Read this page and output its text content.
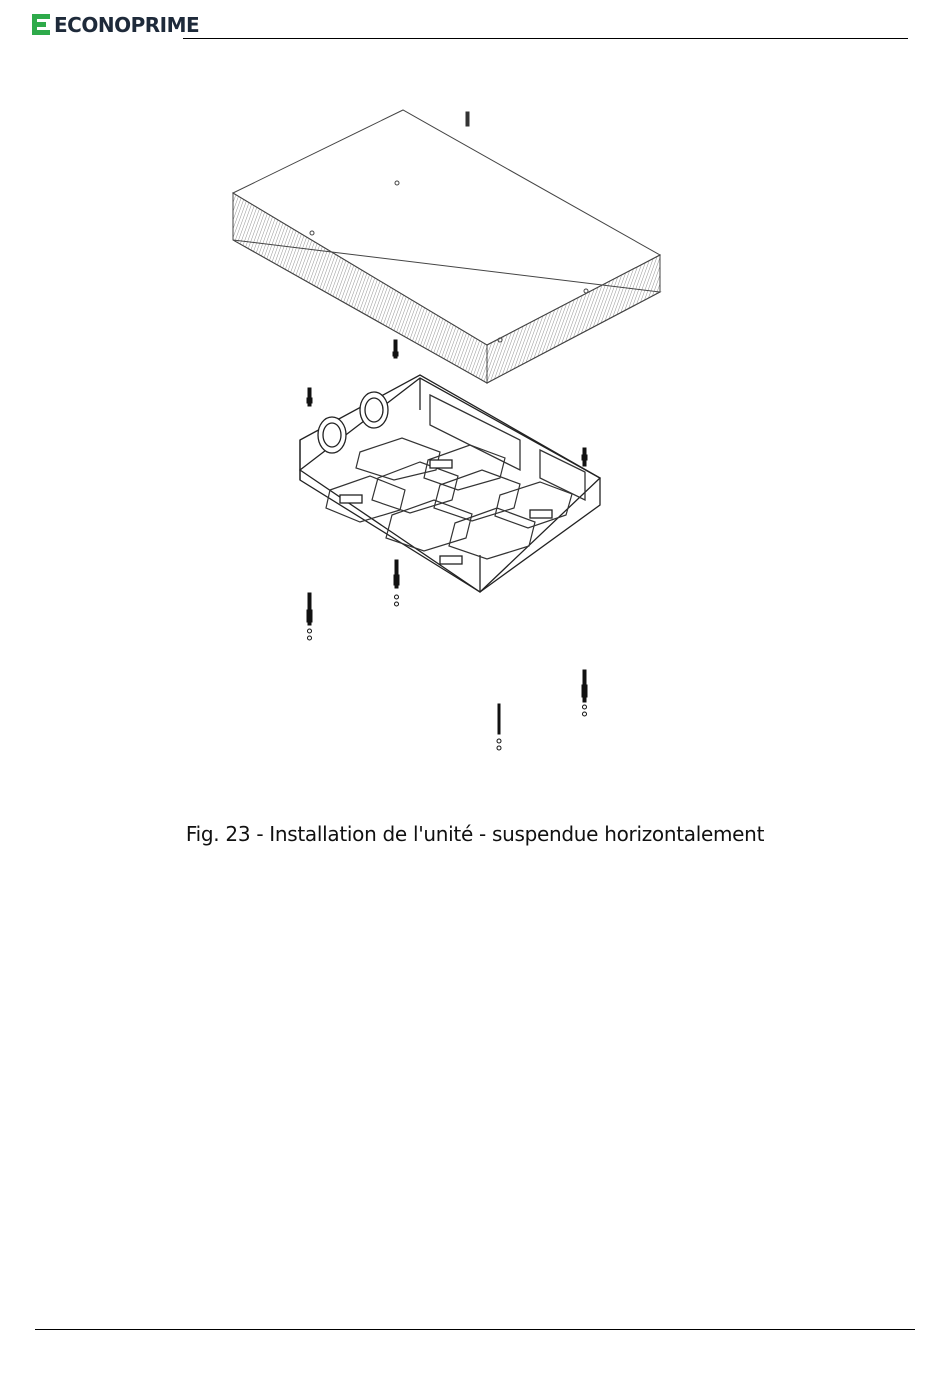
ECONOPRIME
Fig. 23 - Installation de l'unité - suspendue horizontalement
